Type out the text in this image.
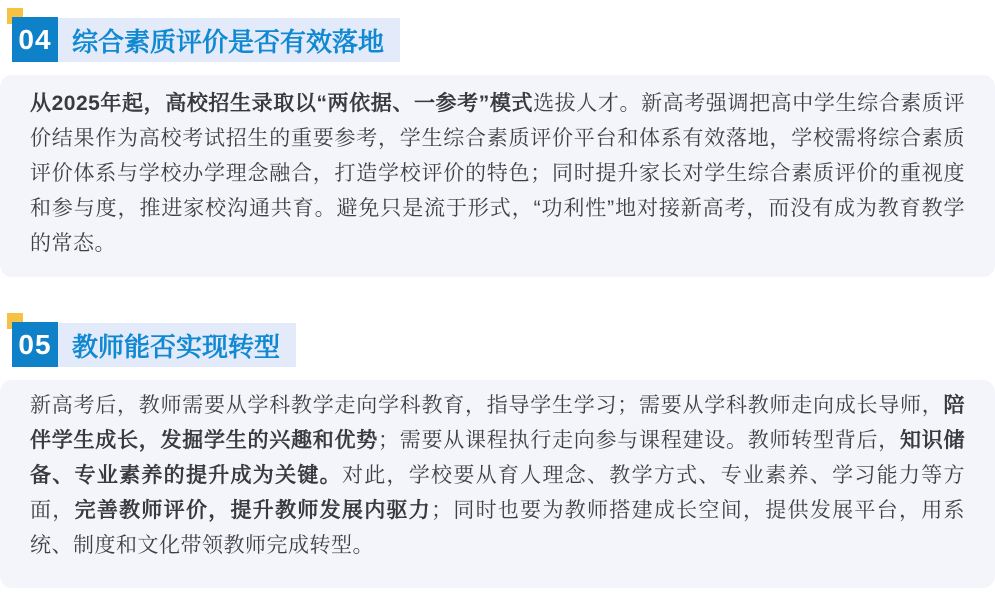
综合素质评价是否有效落地
04
从2025年起，高校招生录取以“两依据、一参考”模式选拔人才。新高考强调把高中学生综合素质评价结果作为高校考试招生的重要参考，学生综合素质评价平台和体系有效落地，学校需将综合素质评价体系与学校办学理念融合，打造学校评价的特色；同时提升家长对学生综合素质评价的重视度和参与度，推进家校沟通共育。避免只是流于形式，“功利性”地对接新高考，而没有成为教育教学的常态。
教师能否实现转型
05
新高考后，教师需要从学科教学走向学科教育，指导学生学习；需要从学科教师走向成长导师，陪伴学生成长，发掘学生的兴趣和优势；需要从课程执行走向参与课程建设。教师转型背后，知识储备、专业素养的提升成为关键。对此，学校要从育人理念、教学方式、专业素养、学习能力等方面，完善教师评价，提升教师发展内驱力；同时也要为教师搭建成长空间，提供发展平台，用系统、制度和文化带领教师完成转型。
